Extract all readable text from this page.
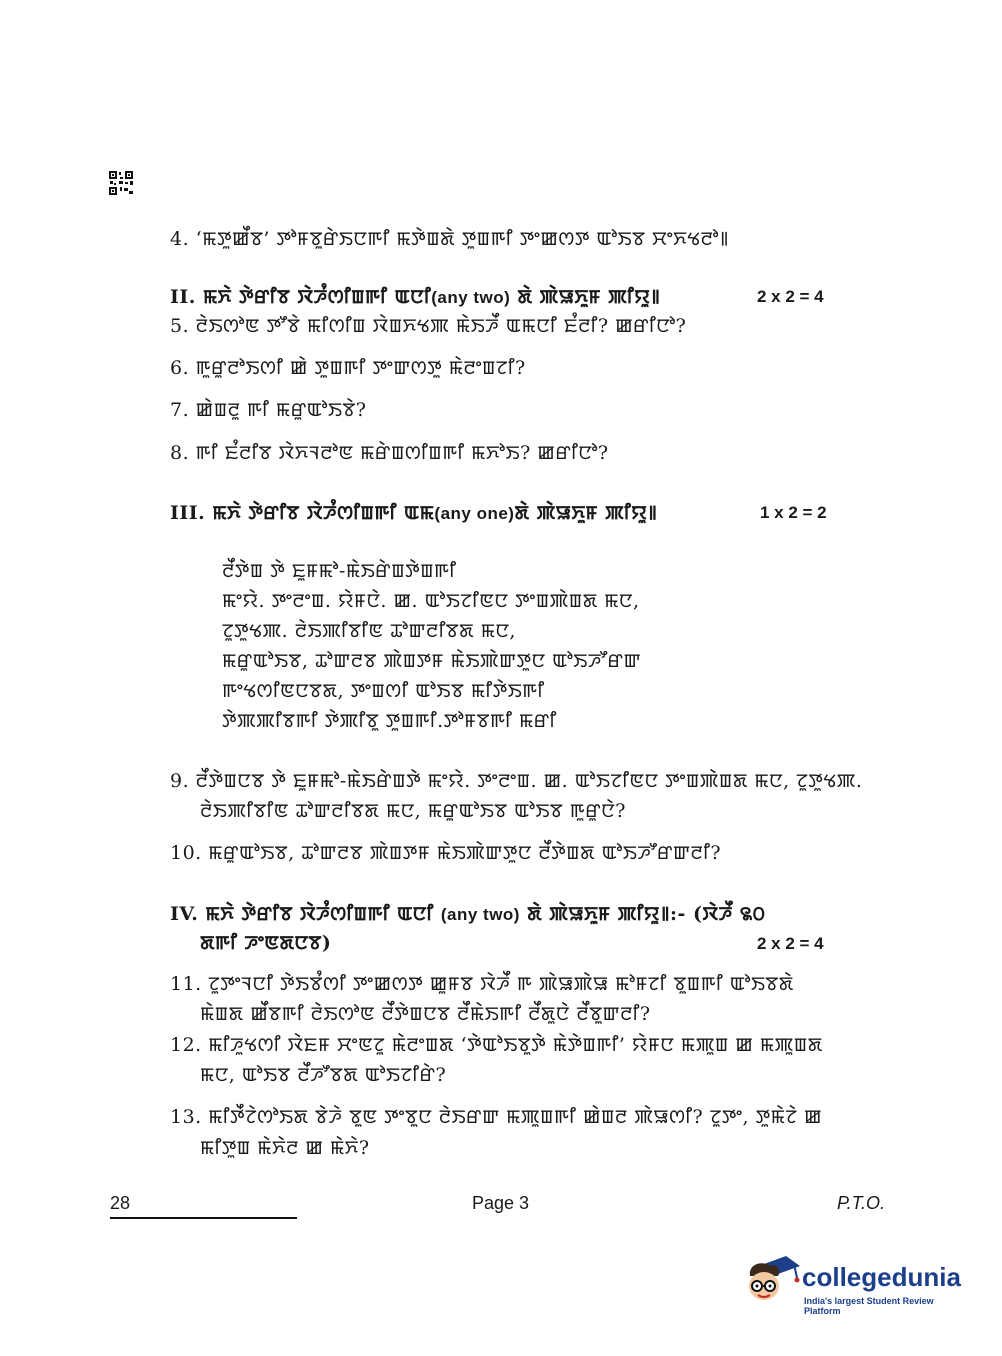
4. ‘ꯃꯇꯨꯀꯩꯕ’ ꯇꯣꯝꯕꯨꯔꯥꯏꯅꯒꯤ ꯃꯇꯥꯡꯗꯥ ꯇꯨꯡꯒꯤ ꯇꯦꯀꯁꯇ ꯑꯣꯏꯕ ꯆꯦꯈꯠꯂꯣ꯫
II. ꯃꯈꯥ ꯇꯥꯔꯤꯕ ꯋꯥꯍꯪꯁꯤꯡꯒꯤ ꯑꯅꯤ(any two) ꯗꯥ ꯄꯥꯎꯈꯨꯝ ꯄꯤꯌꯨ꯫	2 x 2 = 4
5. ꯂꯥꯏꯁꯣꯟ ꯇꯧꯕꯥ ꯃꯤꯁꯤꯡ ꯋꯥꯡꯈꯠꯄ ꯃꯥꯏꯍꯩ ꯑꯃꯅꯤ ꯐꯪꯂꯤ? ꯀꯔꯤꯅꯣ?
6. ꯒꯨꯔꯨꯂꯣꯏꯁꯤ ꯀꯥ ꯇꯨꯡꯒꯤ ꯇꯦꯛꯁꯇꯨ ꯃꯥꯂꯦꯡꯖꯤ?
7. ꯀꯥꯡꯂꯨ ꯒꯤ ꯃꯔꯨꯑꯣꯏꯕꯥ?
8. ꯒꯤ ꯐꯪꯂꯤꯕ ꯋꯥꯈꯜꯂꯣꯟ ꯃꯔꯥꯡꯁꯤꯡꯒꯤ ꯃꯈꯣꯏ? ꯀꯔꯤꯅꯣ?
III. ꯃꯈꯥ ꯇꯥꯔꯤꯕ ꯋꯥꯍꯪꯁꯤꯡꯒꯤ ꯑꯃ(any one)ꯗꯥ ꯄꯥꯎꯈꯨꯝ ꯄꯤꯌꯨ꯫	1 x 2 = 2
ꯂꯩꯇꯥꯡ ꯇꯥ ꯐꯨꯝꯃꯣ-ꯃꯥꯏꯔꯥꯡꯇꯥꯡꯒꯤ
ꯃꯦꯌꯥ. ꯇꯦꯂꯦꯡ. ꯌꯥꯝꯅꯥ. ꯀ. ꯑꯣꯏꯖꯤꯟꯅ ꯇꯦꯡꯄꯥꯡꯗ ꯃꯅ,
ꯖꯨꯇꯨꯠꯄ. ꯂꯥꯏꯄꯤꯕꯤꯟ ꯊꯣꯛꯂꯤꯕꯗ ꯃꯅ,
ꯃꯔꯨꯑꯣꯏꯕ, ꯊꯣꯛꯂꯕ ꯄꯥꯡꯇꯝ ꯃꯥꯏꯄꯥꯛꯇꯨꯅ ꯑꯣꯏꯍꯧꯔꯛ
ꯒꯦꯠꯁꯤꯟꯅꯕꯗ, ꯇꯦꯡꯁꯤ ꯑꯣꯏꯕ ꯃꯤꯇꯥꯏꯒꯤ
ꯇꯥꯄꯄꯤꯕꯒꯤ ꯇꯥꯄꯤꯕꯨ ꯇꯨꯡꯒꯤ.ꯇꯣꯝꯕꯒꯤ ꯃꯔꯤ
9. ꯂꯩꯇꯥꯡꯅꯕ ꯇꯥ ꯐꯨꯝꯃꯣ-ꯃꯥꯏꯔꯥꯡꯇꯥ ꯃꯦꯌꯥ. ꯇꯦꯂꯦꯡ. ꯀ. ꯑꯣꯏꯖꯤꯟꯅ ꯇꯦꯡꯄꯥꯡꯗ ꯃꯅ, ꯖꯨꯇꯨꯠꯄ.
ꯂꯥꯏꯄꯤꯕꯤꯟ ꯊꯣꯛꯂꯤꯕꯗ ꯃꯅ, ꯃꯔꯨꯑꯣꯏꯕ ꯑꯣꯏꯕ ꯒꯨꯔꯨꯅꯥ?
10. ꯃꯔꯨꯑꯣꯏꯕ, ꯊꯣꯛꯂꯕ ꯄꯥꯡꯇꯝ ꯃꯥꯏꯄꯥꯛꯇꯨꯅ ꯂꯩꯇꯥꯡꯗ ꯑꯣꯏꯍꯧꯔꯛꯂꯤ?
IV. ꯃꯈꯥ ꯇꯥꯔꯤꯕ ꯋꯥꯍꯪꯁꯤꯡꯒꯤ ꯑꯅꯤ (any two) ꯗꯥ ꯄꯥꯎꯈꯨꯝ ꯄꯤꯌꯨ꯫:- (ꯋꯥꯍꯩ ꯲꯰
ꯗꯒꯤ ꯍꯦꯟꯗꯅꯕ)	2 x 2 = 4
11. ꯖꯨꯇꯦꯜꯅꯤ ꯇꯥꯏꯕꯪꯁꯤ ꯇꯦꯀꯁꯇ ꯀꯨꯝꯕ ꯋꯥꯍꯩ ꯒ ꯄꯥꯎꯄꯥꯎ ꯃꯣꯝꯖꯤ ꯕꯨꯡꯒꯤ ꯑꯣꯏꯕꯗꯥ
ꯃꯥꯡꯗ ꯀꯩꯕꯒꯤ ꯂꯥꯏꯁꯣꯟ ꯂꯩꯇꯥꯡꯅꯕ ꯂꯩꯃꯥꯏꯒꯤ ꯂꯩꯗꯨꯅꯥ ꯂꯩꯕꯨꯛꯂꯤ?
12. ꯃꯤꯍꯨꯠꯁꯤ ꯋꯥꯐꯝ ꯆꯦꯟꯖꯨ ꯃꯥꯂꯦꯡꯗ ‘ꯇꯥꯑꯣꯏꯕꯨꯇꯥ ꯃꯥꯇꯥꯡꯒꯤ’ ꯌꯥꯝꯅ ꯃꯄꯨꯡ ꯀ ꯃꯄꯨꯡꯗ
ꯃꯅ, ꯑꯣꯏꯕ ꯂꯩꯍꯧꯕꯗ ꯑꯣꯏꯖꯤꯔꯥ?
13. ꯃꯤꯇꯩꯖꯥꯁꯣꯏꯗ ꯕꯥꯍꯥ ꯕꯨꯟ ꯇꯦꯕꯨꯅ ꯂꯥꯏꯔꯛ ꯃꯄꯨꯡꯒꯤ ꯀꯥꯡꯂ ꯄꯥꯎꯁꯤ? ꯖꯨꯇꯦ, ꯇꯨꯃꯥꯖꯥ ꯀ
ꯃꯤꯇꯨꯡ ꯃꯥꯈꯥꯂ ꯀ ꯃꯥꯈꯥ?
28	Page 3	P.T.O.
collegedunia
India's largest Student Review Platform
